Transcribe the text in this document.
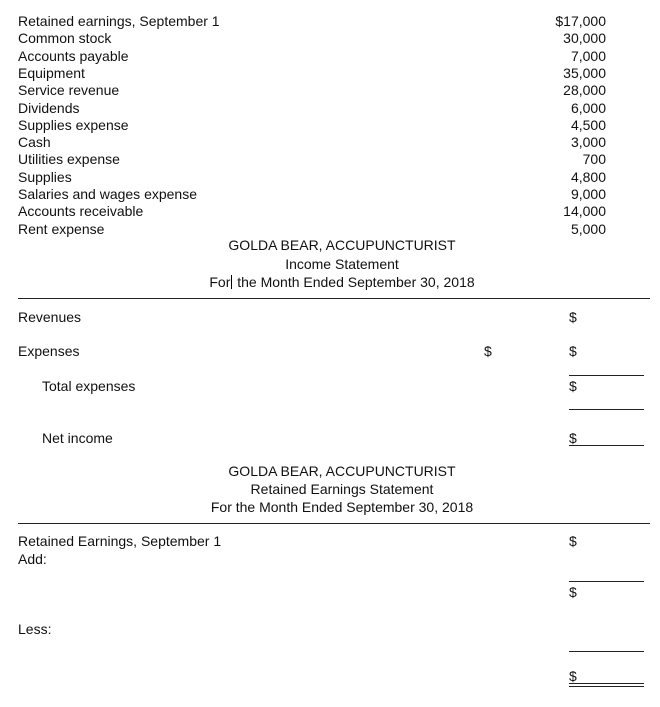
Retained earnings, September 1	$17,000
Common stock	30,000
Accounts payable	7,000
Equipment	35,000
Service revenue	28,000
Dividends	6,000
Supplies expense	4,500
Cash	3,000
Utilities expense	700
Supplies	4,800
Salaries and wages expense	9,000
Accounts receivable	14,000
Rent expense	5,000
GOLDA BEAR, ACCUPUNCTURIST
Income Statement
For the Month Ended September 30, 2018
Revenues	$
Expenses	$	$
Total expenses	$
Net income	$
GOLDA BEAR, ACCUPUNCTURIST
Retained Earnings Statement
For the Month Ended September 30, 2018
Retained Earnings, September 1	$
Add:
$
Less:
$
